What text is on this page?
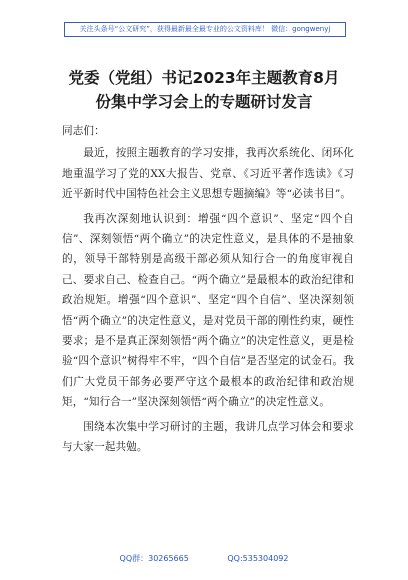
关注头条号“公文研究”，获得最新最全最专业的公文资料库！ 微信：gongwenyj
党委（党组）书记2023年主题教育8月
份集中学习会上的专题研讨发言

同志们：

最近，按照主题教育的学习安排，我再次系统化、闭环化地重温学习了党的XX大报告、党章、《习近平著作选读》《习近平新时代中国特色社会主义思想专题摘编》等“必读书目”。

我再次深刻地认识到：增强“四个意识”、坚定“四个自信”、深刻领悟“两个确立”的决定性意义，是具体的不是抽象的，领导干部特别是高级干部必须从知行合一的角度审视自己、要求自己、检查自己。“两个确立”是最根本的政治纪律和政治规矩。增强“四个意识”、坚定“四个自信”、坚决深刻领悟“两个确立”的决定性意义，是对党员干部的刚性约束，硬性要求；是不是真正深刻领悟“两个确立”的决定性意义，更是检验“四个意识”树得牢不牢，“四个自信”是否坚定的试金石。我们广大党员干部务必要严守这个最根本的政治纪律和政治规矩，“知行合一”坚决深刻领悟“两个确立”的决定性意义。

围绕本次集中学习研讨的主题，我讲几点学习体会和要求与大家一起共勉。

QQ群：30265665	QQ:535304092
